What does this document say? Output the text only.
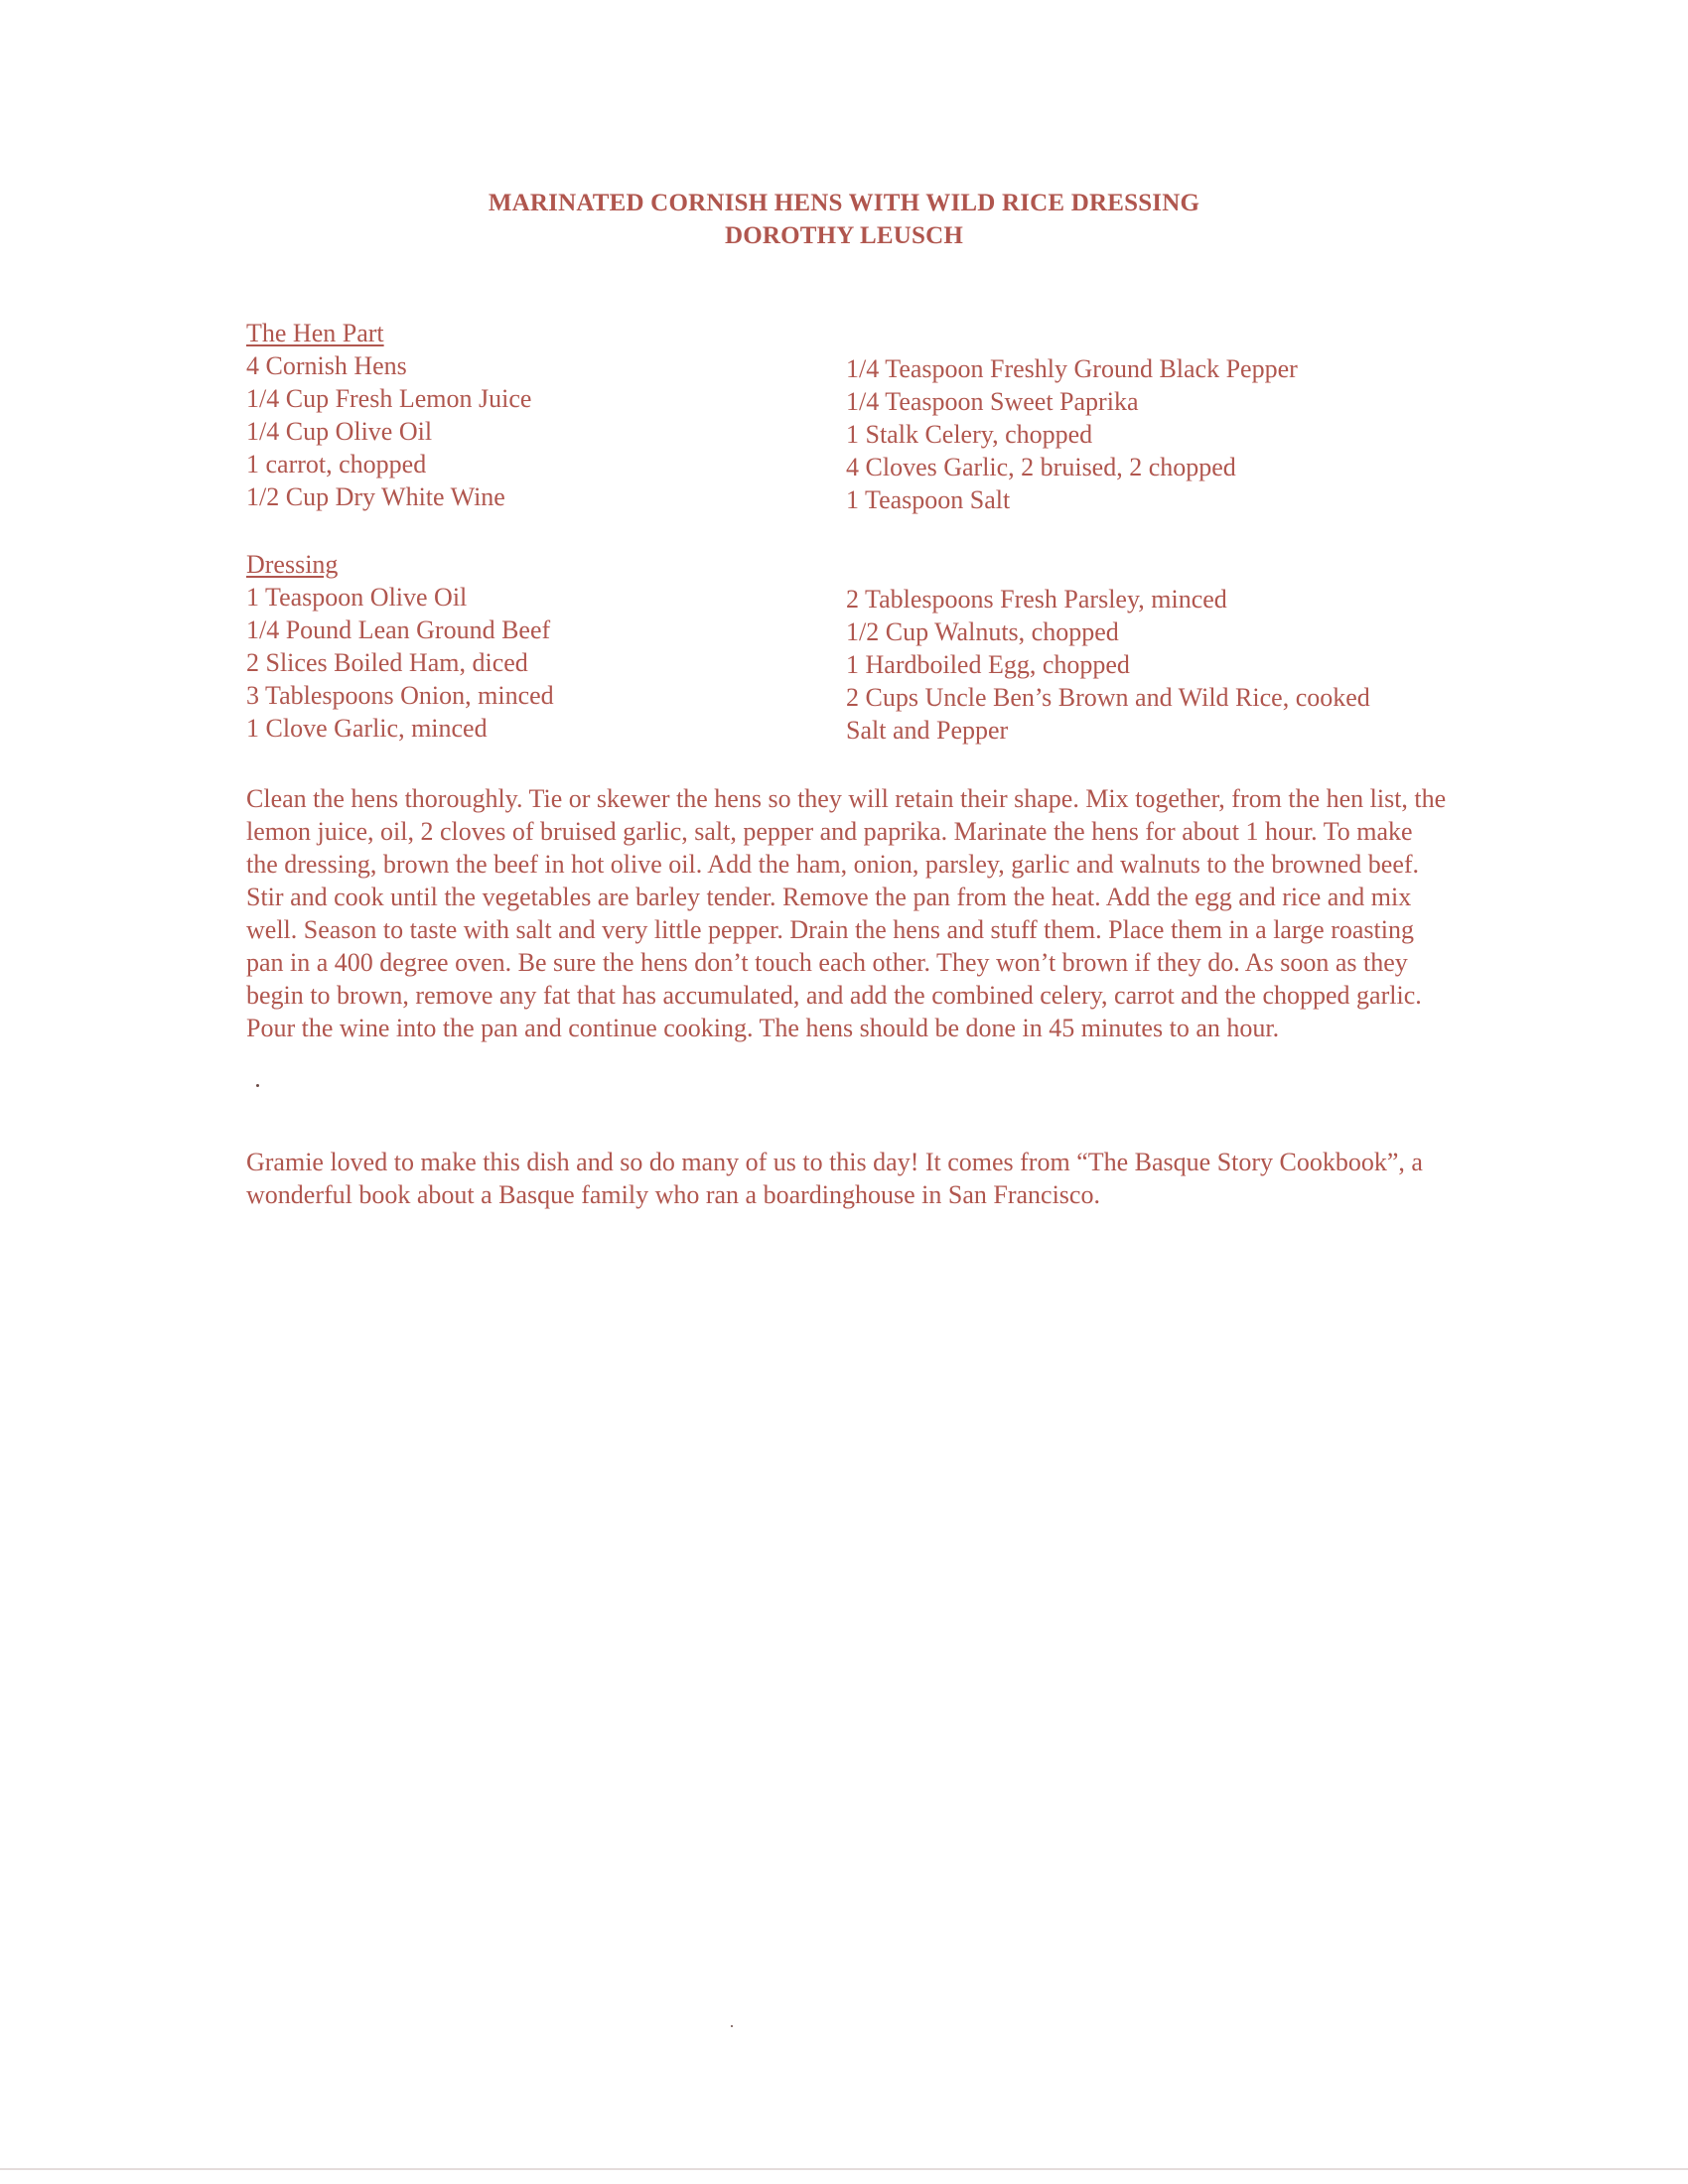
MARINATED CORNISH HENS WITH WILD RICE DRESSING
DOROTHY LEUSCH
The Hen Part
4 Cornish Hens
1/4 Cup Fresh Lemon Juice
1/4 Cup Olive Oil
1 carrot, chopped
1/2 Cup Dry White Wine
1/4 Teaspoon Freshly Ground Black Pepper
1/4 Teaspoon Sweet Paprika
1 Stalk Celery, chopped
4 Cloves Garlic, 2 bruised, 2 chopped
1 Teaspoon Salt
Dressing
1 Teaspoon Olive Oil
1/4 Pound Lean Ground Beef
2 Slices Boiled Ham, diced
3 Tablespoons Onion, minced
1 Clove Garlic, minced
2 Tablespoons Fresh Parsley, minced
1/2 Cup Walnuts, chopped
1 Hardboiled Egg, chopped
2 Cups Uncle Ben’s Brown and Wild Rice, cooked
Salt and Pepper

Clean the hens thoroughly. Tie or skewer the hens so they will retain their shape. Mix together, from the hen list, the lemon juice, oil, 2 cloves of bruised garlic, salt, pepper and paprika. Marinate the hens for about 1 hour. To make the dressing, brown the beef in hot olive oil. Add the ham, onion, parsley, garlic and walnuts to the browned beef. Stir and cook until the vegetables are barley tender. Remove the pan from the heat. Add the egg and rice and mix well. Season to taste with salt and very little pepper. Drain the hens and stuff them. Place them in a large roasting pan in a 400 degree oven. Be sure the hens don’t touch each other. They won’t brown if they do. As soon as they begin to brown, remove any fat that has accumulated, and add the combined celery, carrot and the chopped garlic. Pour the wine into the pan and continue cooking. The hens should be done in 45 minutes to an hour.

Gramie loved to make this dish and so do many of us to this day! It comes from “The Basque Story Cookbook”, a wonderful book about a Basque family who ran a boardinghouse in San Francisco.
